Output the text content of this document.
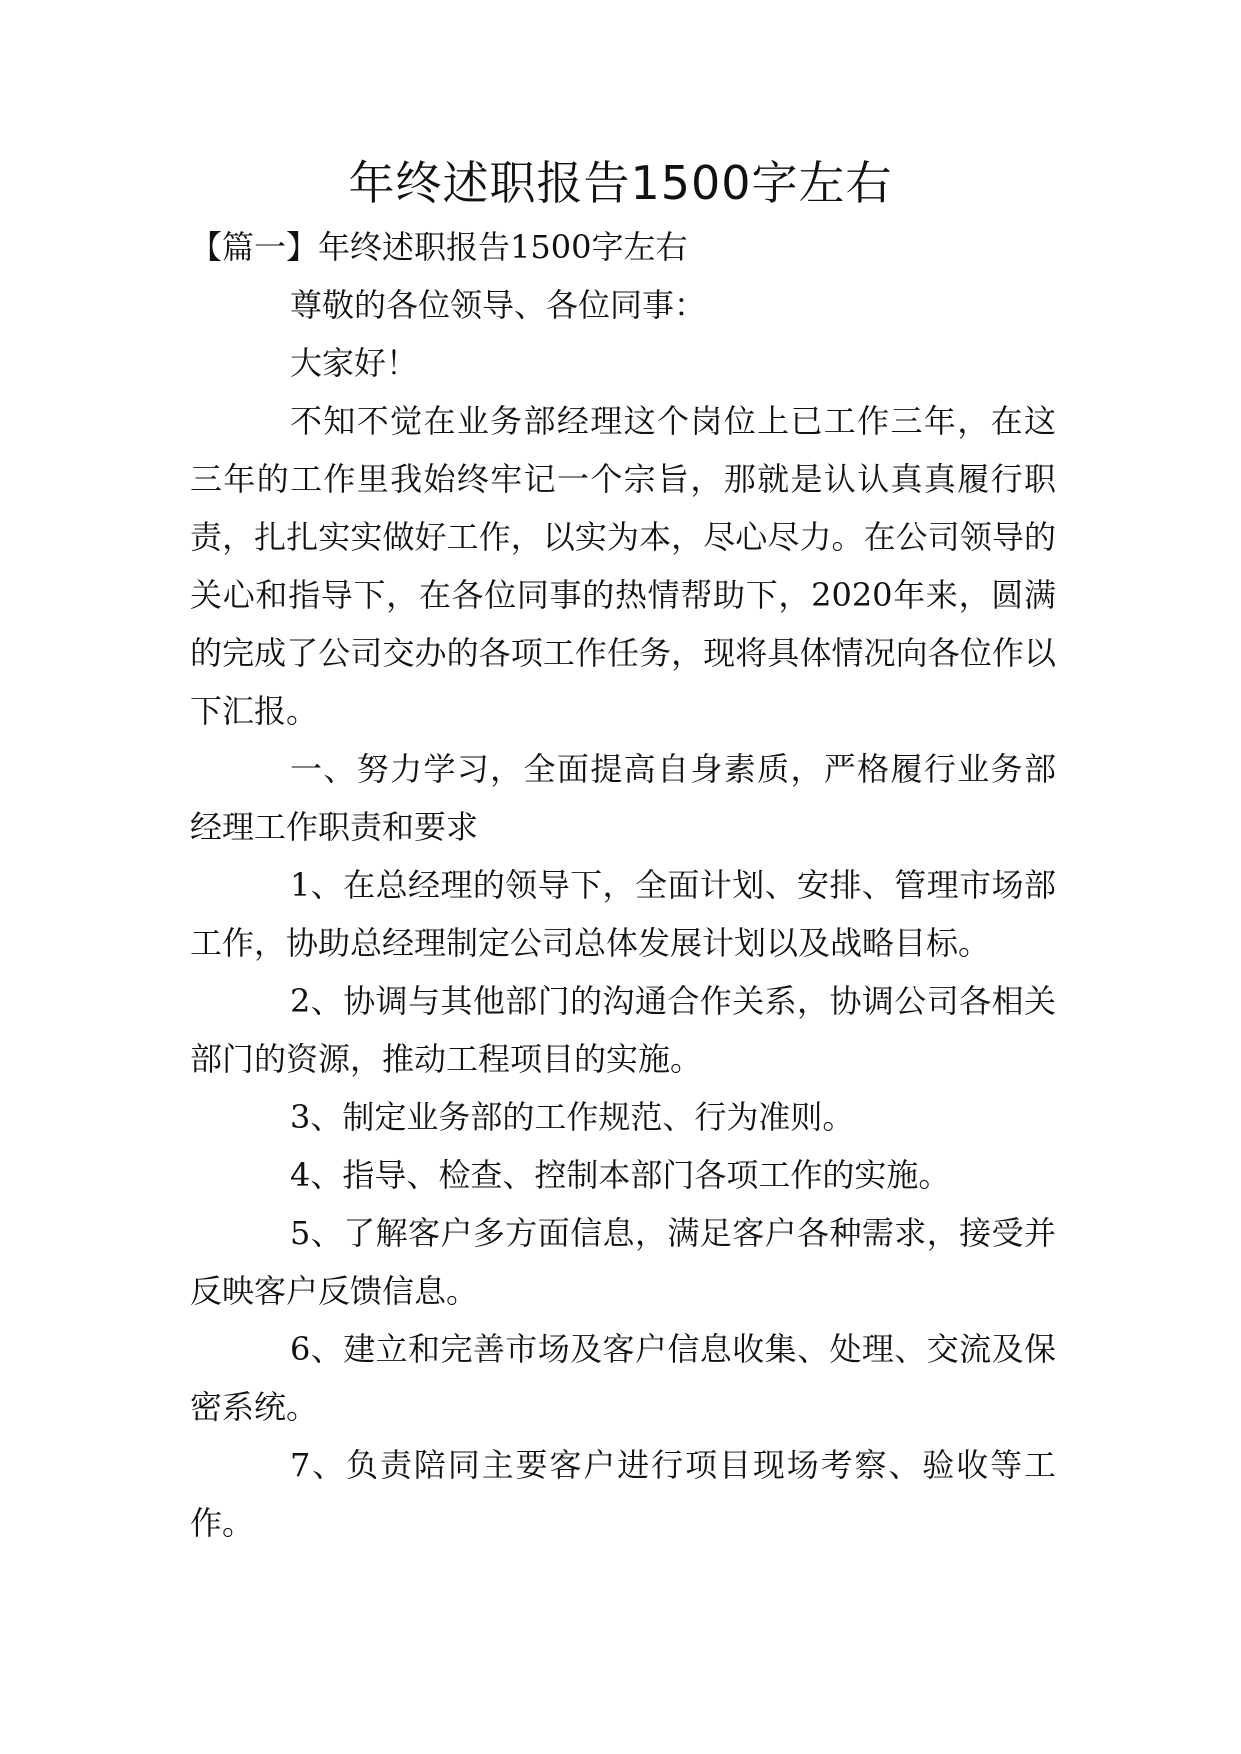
年终述职报告1500字左右

【篇一】年终述职报告1500字左右

尊敬的各位领导、各位同事：

大家好！

不知不觉在业务部经理这个岗位上已工作三年，在这三年的工作里我始终牢记一个宗旨，那就是认认真真履行职责，扎扎实实做好工作，以实为本，尽心尽力。在公司领导的关心和指导下，在各位同事的热情帮助下，2020年来，圆满的完成了公司交办的各项工作任务，现将具体情况向各位作以下汇报。

一、努力学习，全面提高自身素质，严格履行业务部经理工作职责和要求

1、在总经理的领导下，全面计划、安排、管理市场部工作，协助总经理制定公司总体发展计划以及战略目标。

2、协调与其他部门的沟通合作关系，协调公司各相关部门的资源，推动工程项目的实施。

3、制定业务部的工作规范、行为准则。

4、指导、检查、控制本部门各项工作的实施。

5、了解客户多方面信息，满足客户各种需求，接受并反映客户反馈信息。

6、建立和完善市场及客户信息收集、处理、交流及保密系统。

7、负责陪同主要客户进行项目现场考察、验收等工作。
